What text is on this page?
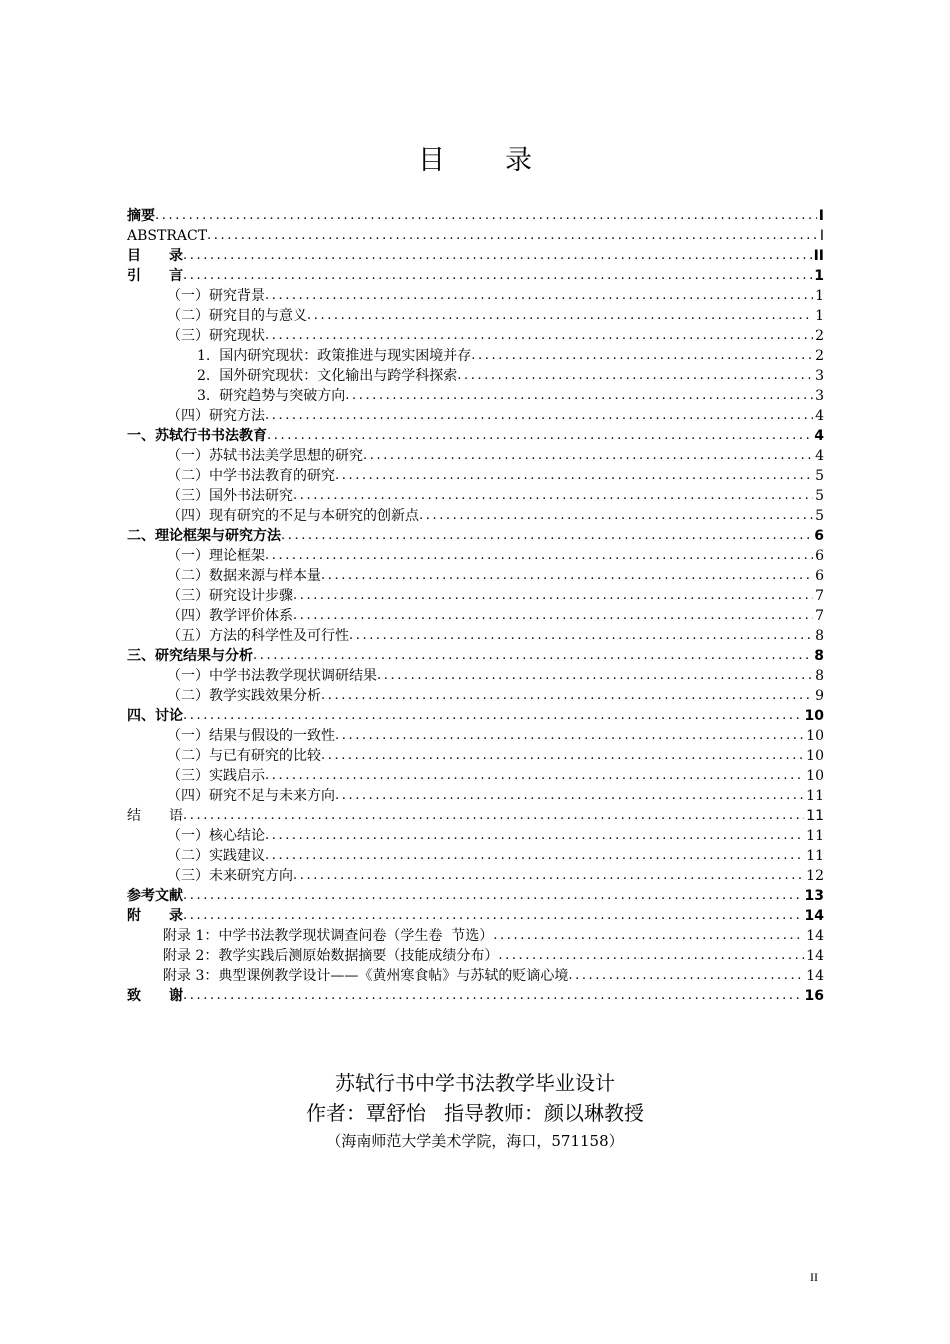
目 录
摘要 .....	I
ABSTRACT .....	I
目　　录 .....	II
引　　言 .....	1
（一）研究背景 .....	1
（二）研究目的与意义 .....	1
（三）研究现状 .....	2
1.  国内研究现状：政策推进与现实困境并存 .....	2
2.  国外研究现状：文化输出与跨学科探索 .....	3
3.  研究趋势与突破方向 .....	3
（四）研究方法 .....	4
一、苏轼行书书法教育 .....	4
（一）苏轼书法美学思想的研究 .....	4
（二）中学书法教育的研究 .....	5
（三）国外书法研究 .....	5
（四）现有研究的不足与本研究的创新点 .....	5
二、理论框架与研究方法 .....	6
（一）理论框架 .....	6
（二）数据来源与样本量 .....	6
（三）研究设计步骤 .....	7
（四）教学评价体系 .....	7
（五）方法的科学性及可行性 .....	8
三、研究结果与分析 .....	8
（一）中学书法教学现状调研结果 .....	8
（二）教学实践效果分析 .....	9
四、讨论 .....	10
（一）结果与假设的一致性 .....	10
（二）与已有研究的比较 .....	10
（三）实践启示 .....	10
（四）研究不足与未来方向 .....	11
结　　语 .....	11
（一）核心结论 .....	11
（二）实践建议 .....	11
（三）未来研究方向 .....	12
参考文献 .....	13
附　　录 .....	14
附录 1：中学书法教学现状调查问卷（学生卷  节选） .....	14
附录 2：教学实践后测原始数据摘要（技能成绩分布） .....	14
附录 3：典型课例教学设计——《黄州寒食帖》与苏轼的贬谪心境 .....	14
致　　谢 .....	16
苏轼行书中学书法教学毕业设计
作者：覃舒怡 指导教师：颜以琳教授
（海南师范大学美术学院，海口，571158）
II
